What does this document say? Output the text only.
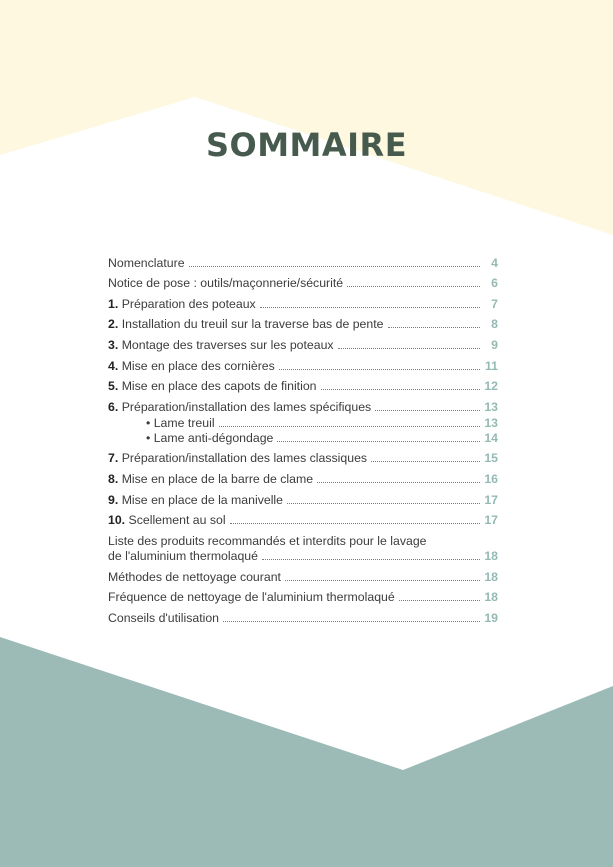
SOMMAIRE
Nomenclature	4
Notice de pose : outils/maçonnerie/sécurité	6
1. Préparation des poteaux	7
2. Installation du treuil sur la traverse bas de pente	8
3. Montage des traverses sur les poteaux	9
4. Mise en place des cornières	11
5. Mise en place des capots de finition	12
6. Préparation/installation des lames spécifiques	13
• Lame treuil	13
• Lame anti-dégondage	14
7. Préparation/installation des lames classiques	15
8. Mise en place de la barre de clame	16
9. Mise en place de la manivelle	17
10. Scellement au sol	17
Liste des produits recommandés et interdits pour le lavage
de l'aluminium thermolaqué	18
Méthodes de nettoyage courant	18
Fréquence de nettoyage de l'aluminium thermolaqué	18
Conseils d'utilisation	19
